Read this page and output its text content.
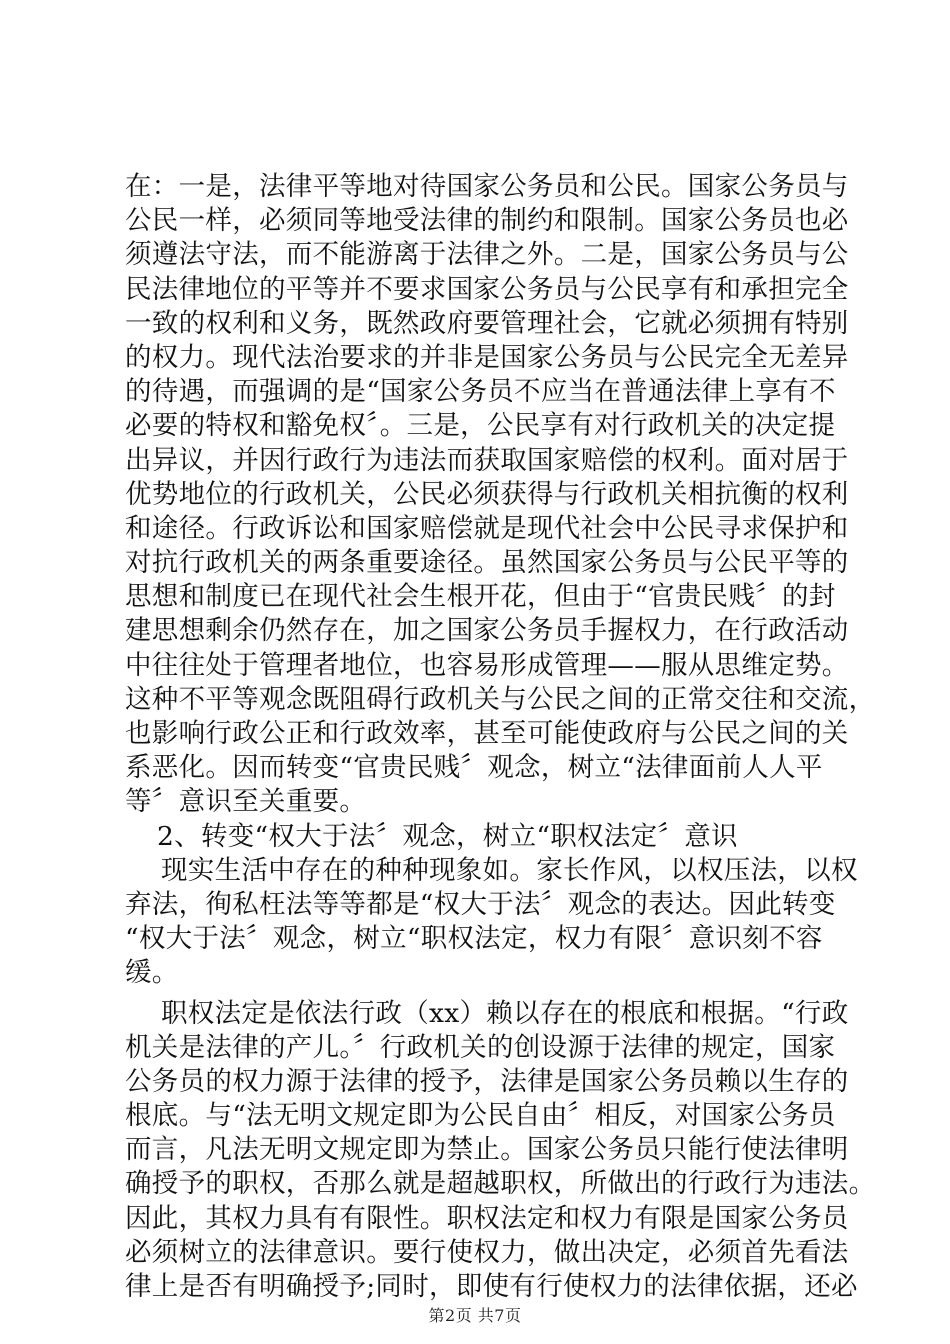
在：一是，法律平等地对待国家公务员和公民。国家公务员与
公民一样，必须同等地受法律的制约和限制。国家公务员也必
须遵法守法，而不能游离于法律之外。二是，国家公务员与公
民法律地位的平等并不要求国家公务员与公民享有和承担完全
一致的权利和义务，既然政府要管理社会，它就必须拥有特别
的权力。现代法治要求的并非是国家公务员与公民完全无差异
的待遇，而强调的是“国家公务员不应当在普通法律上享有不
必要的特权和豁免权〞。三是，公民享有对行政机关的决定提
出异议，并因行政行为违法而获取国家赔偿的权利。面对居于
优势地位的行政机关，公民必须获得与行政机关相抗衡的权利
和途径。行政诉讼和国家赔偿就是现代社会中公民寻求保护和
对抗行政机关的两条重要途径。虽然国家公务员与公民平等的
思想和制度已在现代社会生根开花，但由于“官贵民贱〞的封
建思想剩余仍然存在，加之国家公务员手握权力，在行政活动
中往往处于管理者地位，也容易形成管理——服从思维定势。
这种不平等观念既阻碍行政机关与公民之间的正常交往和交流，
也影响行政公正和行政效率，甚至可能使政府与公民之间的关
系恶化。因而转变“官贵民贱〞观念，树立“法律面前人人平
等〞意识至关重要。
2、转变“权大于法〞观念，树立“职权法定〞意识
现实生活中存在的种种现象如。家长作风，以权压法，以权
弃法，徇私枉法等等都是“权大于法〞观念的表达。因此转变
“权大于法〞观念，树立“职权法定，权力有限〞意识刻不容
缓。
职权法定是依法行政（xx）赖以存在的根底和根据。“行政
机关是法律的产儿。〞行政机关的创设源于法律的规定，国家
公务员的权力源于法律的授予，法律是国家公务员赖以生存的
根底。与“法无明文规定即为公民自由〞相反，对国家公务员
而言，凡法无明文规定即为禁止。国家公务员只能行使法律明
确授予的职权，否那么就是超越职权，所做出的行政行为违法。
因此，其权力具有有限性。职权法定和权力有限是国家公务员
必须树立的法律意识。要行使权力，做出决定，必须首先看法
律上是否有明确授予;同时，即使有行使权力的法律依据，还必
第2页 共7页
